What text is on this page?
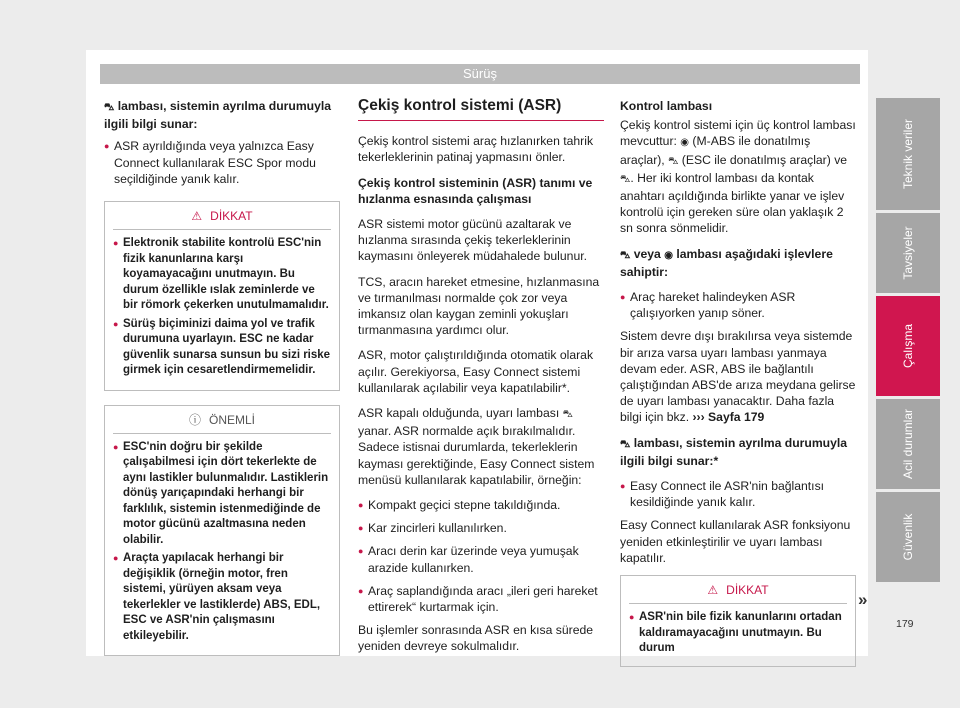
Sürüş

⛍ lambası, sistemin ayrılma durumuyla ilgili bilgi sunar:

● ASR ayrıldığında veya yalnızca Easy Connect kullanılarak ESC Spor modu seçildiğinde yanık kalır.
⚠ DİKKAT
● Elektronik stabilite kontrolü ESC'nin fizik kanunlarına karşı koyamayacağını unutmayın. Bu durum özellikle ıslak zeminlerde ve bir römork çekerken unutulmamalıdır.
● Sürüş biçiminizi daima yol ve trafik durumuna uyarlayın. ESC ne kadar güvenlik sunarsa sunsun bu sizi riske girmek için cesaretlendirmemelidir.
ⓘ ÖNEMLİ
● ESC'nin doğru bir şekilde çalışabilmesi için dört tekerlekte de aynı lastikler bulunmalıdır. Lastiklerin dönüş yarıçapındaki herhangi bir farklılık, sistemin istenmediğinde de motor gücünü azaltmasına neden olabilir.
● Araçta yapılacak herhangi bir değişiklik (örneğin motor, fren sistemi, yürüyen aksam veya tekerlekler ve lastiklerde) ABS, EDL, ESC ve ASR'nin çalışmasını etkileyebilir.
Çekiş kontrol sistemi (ASR)

Çekiş kontrol sistemi araç hızlanırken tahrik tekerleklerinin patinaj yapmasını önler.

Çekiş kontrol sisteminin (ASR) tanımı ve hızlanma esnasında çalışması

ASR sistemi motor gücünü azaltarak ve hızlanma sırasında çekiş tekerleklerinin kaymasını önleyerek müdahalede bulunur.

TCS, aracın hareket etmesine, hızlanmasına ve tırmanılması normalde çok zor veya imkansız olan kaygan zeminli yokuşları tırmanmasına yardımcı olur.

ASR, motor çalıştırıldığında otomatik olarak açılır. Gerekiyorsa, Easy Connect sistemi kullanılarak açılabilir veya kapatılabilir*.

ASR kapalı olduğunda, uyarı lambası ⛍ yanar. ASR normalde açık bırakılmalıdır. Sadece istisnai durumlarda, tekerleklerin kayması gerektiğinde, Easy Connect sistem menüsü kullanılarak kapatılabilir, örneğin:

● Kompakt geçici stepne takıldığında.
● Kar zincirleri kullanılırken.
● Aracı derin kar üzerinde veya yumuşak arazide kullanırken.
● Araç saplandığında aracı „ileri geri hareket ettirerek“ kurtarmak için.

Bu işlemler sonrasında ASR en kısa sürede yeniden devreye sokulmalıdır.

Kontrol lambası

Çekiş kontrol sistemi için üç kontrol lambası mevcuttur: ◉ (M-ABS ile donatılmış araçlar), ⛍ (ESC ile donatılmış araçlar) ve ⛍. Her iki kontrol lambası da kontak anahtarı açıldığında birlikte yanar ve işlev kontrolü için gereken süre olan yaklaşık 2 sn sonra sönmelidir.

⛍ veya ◉ lambası aşağıdaki işlevlere sahiptir:

● Araç hareket halindeyken ASR çalışıyorken yanıp söner.

Sistem devre dışı bırakılırsa veya sistemde bir arıza varsa uyarı lambası yanmaya devam eder. ASR, ABS ile bağlantılı çalıştığından ABS'de arıza meydana gelirse de uyarı lambası yanacaktır. Daha fazla bilgi için bkz. ››› Sayfa 179

⛍ lambası, sistemin ayrılma durumuyla ilgili bilgi sunar:*

● Easy Connect ile ASR'nin bağlantısı kesildiğinde yanık kalır.

Easy Connect kullanılarak ASR fonksiyonu yeniden etkinleştirilir ve uyarı lambası kapatılır.

⚠ DİKKAT
● ASR'nin bile fizik kanunlarını ortadan kaldıramayacağını unutmayın. Bu durum
»
Teknik veriler
Tavsiyeler
Çalışma
Acil durumlar
Güvenlik
179
